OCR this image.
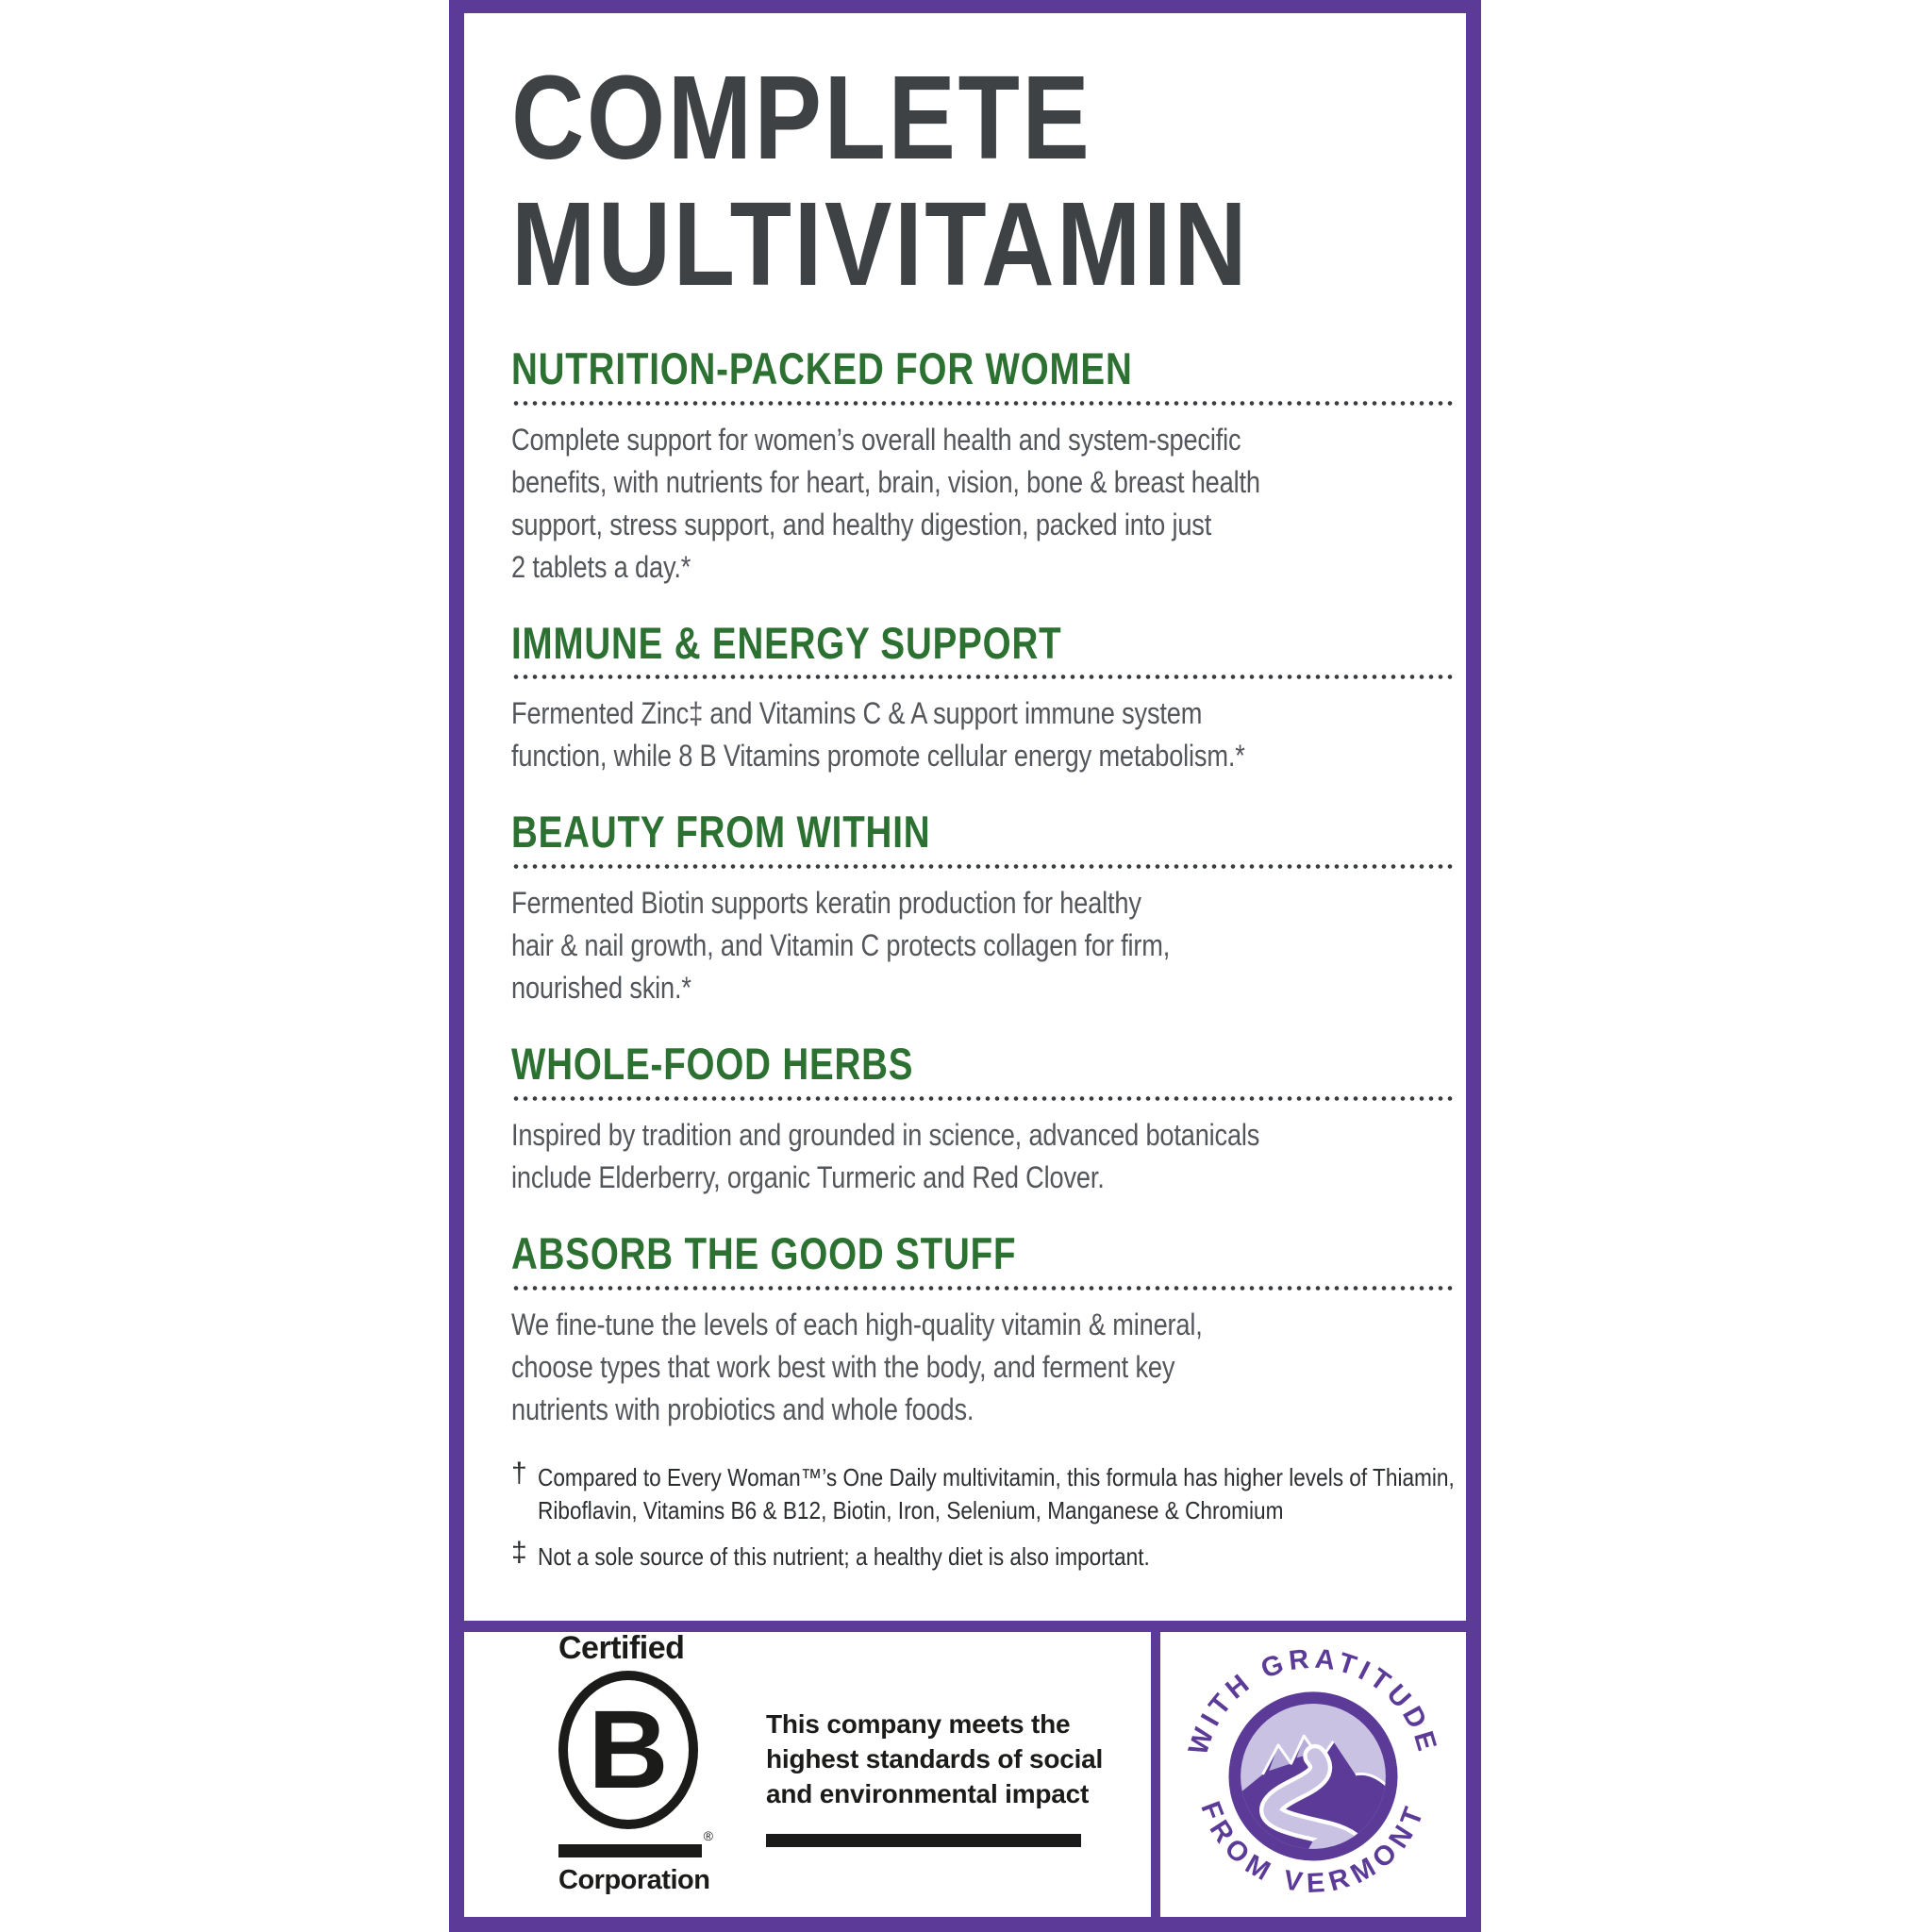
COMPLETE
MULTIVITAMIN
NUTRITION-PACKED FOR WOMEN
Complete support for women’s overall health and system-specific
benefits, with nutrients for heart, brain, vision, bone & breast health
support, stress support, and healthy digestion, packed into just
2 tablets a day.*
IMMUNE & ENERGY SUPPORT
Fermented Zinc‡ and Vitamins C & A support immune system
function, while 8 B Vitamins promote cellular energy metabolism.*
BEAUTY FROM WITHIN
Fermented Biotin supports keratin production for healthy
hair & nail growth, and Vitamin C protects collagen for firm,
nourished skin.*
WHOLE-FOOD HERBS
Inspired by tradition and grounded in science, advanced botanicals
include Elderberry, organic Turmeric and Red Clover.
ABSORB THE GOOD STUFF
We fine-tune the levels of each high-quality vitamin & mineral,
choose types that work best with the body, and ferment key
nutrients with probiotics and whole foods.
† Compared to Every Woman™’s One Daily multivitamin, this formula has higher levels of Thiamin,
Riboflavin, Vitamins B6 & B12, Biotin, Iron, Selenium, Manganese & Chromium
‡ Not a sole source of this nutrient; a healthy diet is also important.
Certified
B
®
Corporation
This company meets the
highest standards of social
and environmental impact
WITH GRATITUDE
FROM VERMONT
